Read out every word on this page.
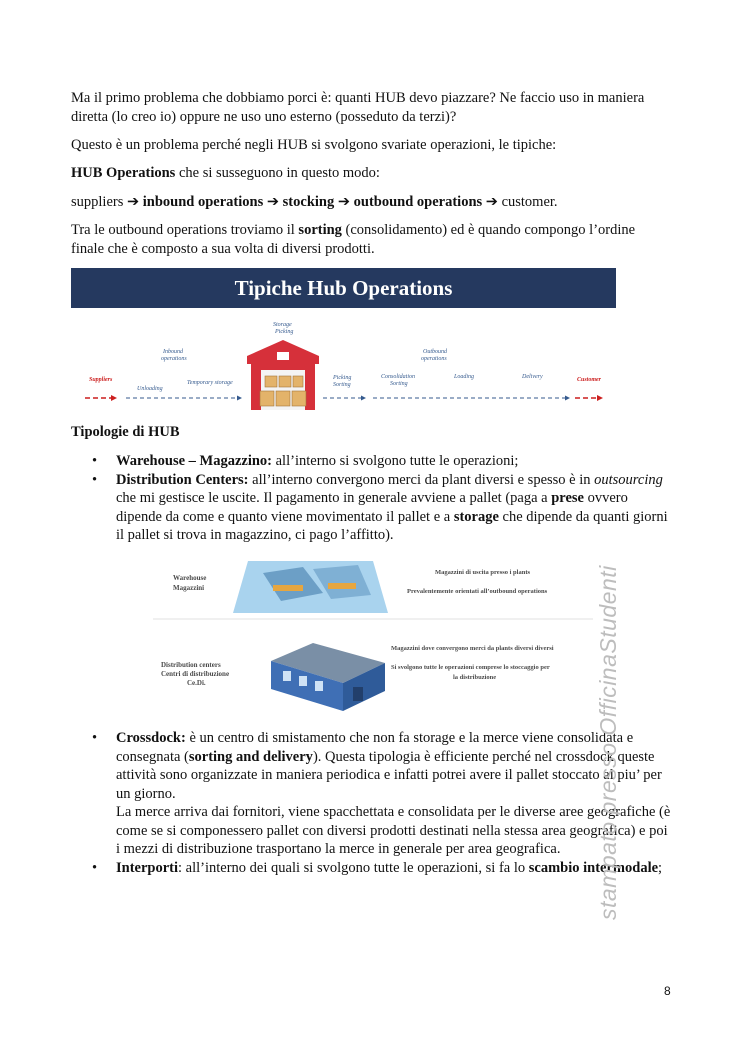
Ma il primo problema che dobbiamo porci è: quanti HUB devo piazzare? Ne faccio uso in maniera diretta (lo creo io) oppure ne uso uno esterno (posseduto da terzi)?
Questo è un problema perché negli HUB si svolgono svariate operazioni, le tipiche:
HUB Operations che si susseguono in questo modo:
suppliers ➔ inbound operations ➔ stocking ➔ outbound operations ➔ customer.
Tra le outbound operations troviamo il sorting (consolidamento) ed è quando compongo l’ordine finale che è composto a sua volta di diversi prodotti.
Tipiche Hub Operations
Suppliers
Inbound
operations
Unloading
Temporary storage
Storage
Picking
Picking
Sorting
Outbound
operations
Consolidation
Sorting
Loading	Delivery	Customer
Tipologie di HUB
• Warehouse – Magazzino: all’interno si svolgono tutte le operazioni;
• Distribution Centers: all’interno convergono merci da plant diversi e spesso è in outsourcing che mi gestisce le uscite. Il pagamento in generale avviene a pallet (paga a prese ovvero dipende da come e quanto viene movimentato il pallet e a storage che dipende da quanti giorni il pallet si trova in magazzino, ci pago l’affitto).
Warehouse
Magazzini
Magazzini di uscita presso i plants
Prevalentemente orientati all’outbound operations
Distribution centers
Centri di distribuzione
Ce.Di.
Magazzini dove convergono merci da plants diversi diversi
Si svolgono tutte le operazioni comprese lo stoccaggio per
la distribuzione
• Crossdock: è un centro di smistamento che non fa storage e la merce viene consolidata e consegnata (sorting and delivery). Questa tipologia è efficiente perché nel crossdock queste attività sono organizzate in maniera periodica e infatti potrei avere il pallet stoccato al piu’ per un giorno.
La merce arriva dai fornitori, viene spacchettata e consolidata per le diverse aree geografiche (è come se si componessero pallet con diversi prodotti destinati nella stessa area geografica) e poi i mezzi di distribuzione trasportano la merce in generale per area geografica.
• Interporti: all’interno dei quali si svolgono tutte le operazioni, si fa lo scambio intermodale;
stampato presso OfficinaStudenti
8
